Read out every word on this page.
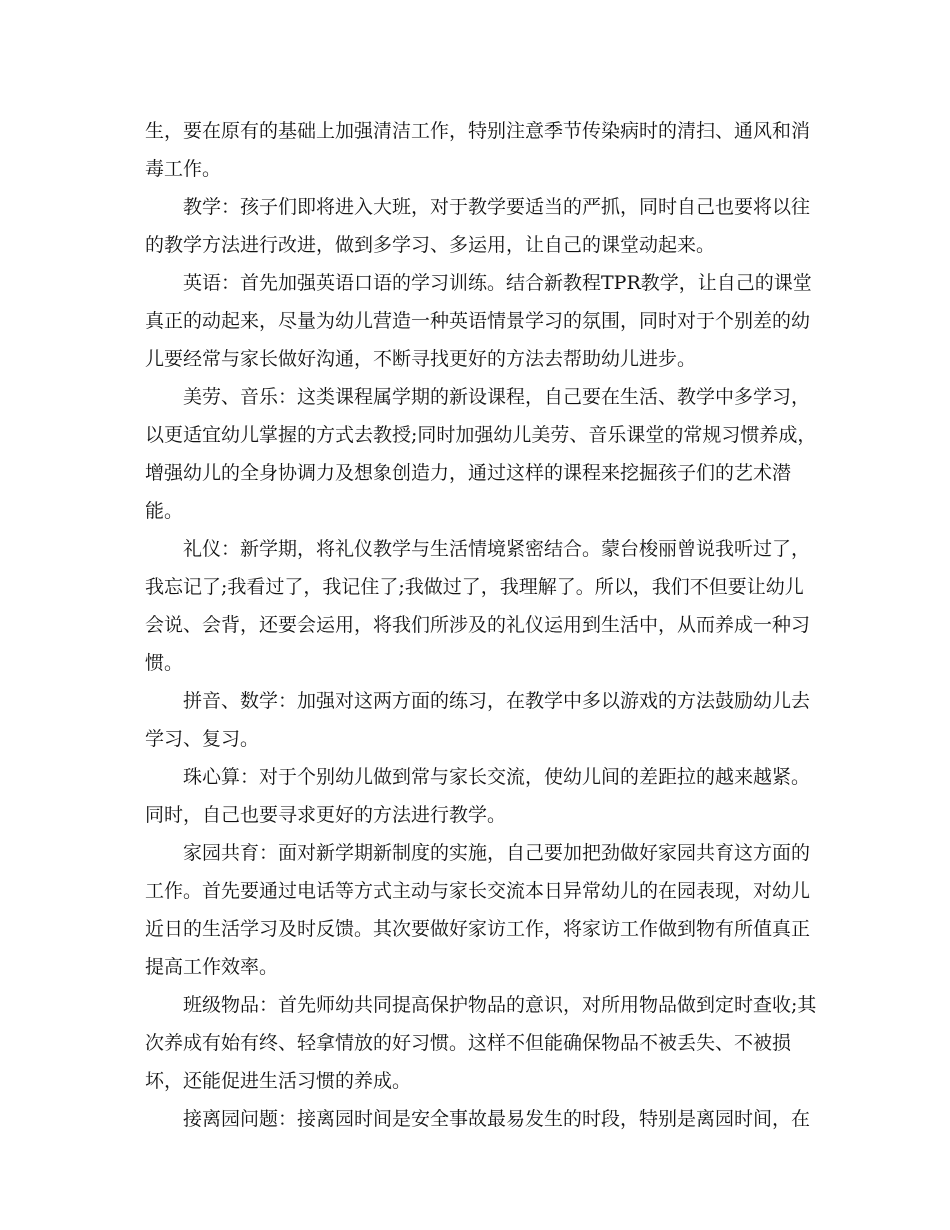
生，要在原有的基础上加强清洁工作，特别注意季节传染病时的清扫、通风和消
毒工作。

　　教学：孩子们即将进入大班，对于教学要适当的严抓，同时自己也要将以往
的教学方法进行改进，做到多学习、多运用，让自己的课堂动起来。

　　英语：首先加强英语口语的学习训练。结合新教程TPR教学，让自己的课堂
真正的动起来，尽量为幼儿营造一种英语情景学习的氛围，同时对于个别差的幼
儿要经常与家长做好沟通，不断寻找更好的方法去帮助幼儿进步。

　　美劳、音乐：这类课程属学期的新设课程，自己要在生活、教学中多学习，
以更适宜幼儿掌握的方式去教授;同时加强幼儿美劳、音乐课堂的常规习惯养成，
增强幼儿的全身协调力及想象创造力，通过这样的课程来挖掘孩子们的艺术潜
能。

　　礼仪：新学期，将礼仪教学与生活情境紧密结合。蒙台梭丽曾说我听过了，
我忘记了;我看过了，我记住了;我做过了，我理解了。所以，我们不但要让幼儿
会说、会背，还要会运用，将我们所涉及的礼仪运用到生活中，从而养成一种习
惯。

　　拼音、数学：加强对这两方面的练习，在教学中多以游戏的方法鼓励幼儿去
学习、复习。

　　珠心算：对于个别幼儿做到常与家长交流，使幼儿间的差距拉的越来越紧。
同时，自己也要寻求更好的方法进行教学。

　　家园共育：面对新学期新制度的实施，自己要加把劲做好家园共育这方面的
工作。首先要通过电话等方式主动与家长交流本日异常幼儿的在园表现，对幼儿
近日的生活学习及时反馈。其次要做好家访工作，将家访工作做到物有所值真正
提高工作效率。

　　班级物品：首先师幼共同提高保护物品的意识，对所用物品做到定时查收;其
次养成有始有终、轻拿情放的好习惯。这样不但能确保物品不被丢失、不被损
坏，还能促进生活习惯的养成。

　　接离园问题：接离园时间是安全事故最易发生的时段，特别是离园时间，在
